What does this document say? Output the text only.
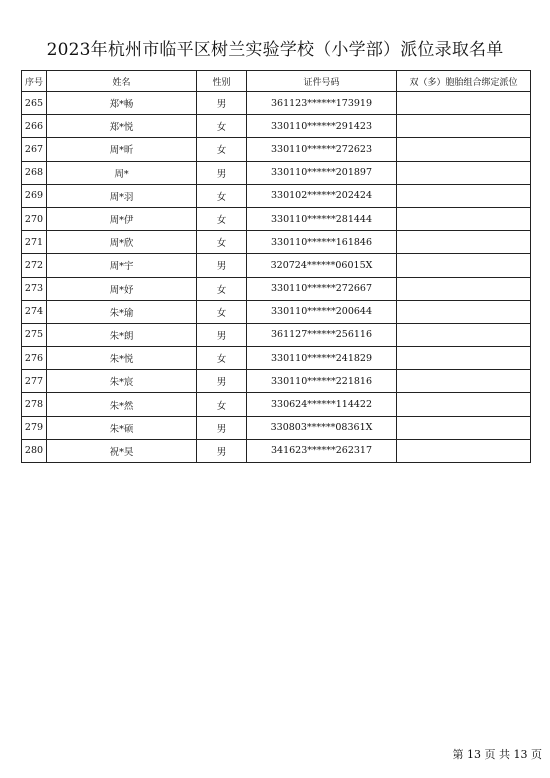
2023年杭州市临平区树兰实验学校（小学部）派位录取名单
序号	姓名	性别	证件号码	双（多）胞胎组合绑定派位
265	郑*畅	男	361123******173919	
266	郑*悦	女	330110******291423	
267	周*昕	女	330110******272623	
268	周*	男	330110******201897	
269	周*羽	女	330102******202424	
270	周*伊	女	330110******281444	
271	周*欣	女	330110******161846	
272	周*宇	男	320724******06015X	
273	周*妤	女	330110******272667	
274	朱*瑜	女	330110******200644	
275	朱*朗	男	361127******256116	
276	朱*悦	女	330110******241829	
277	朱*宸	男	330110******221816	
278	朱*然	女	330624******114422	
279	朱*硕	男	330803******08361X	
280	祝*昊	男	341623******262317	
第 13 页 共 13 页
